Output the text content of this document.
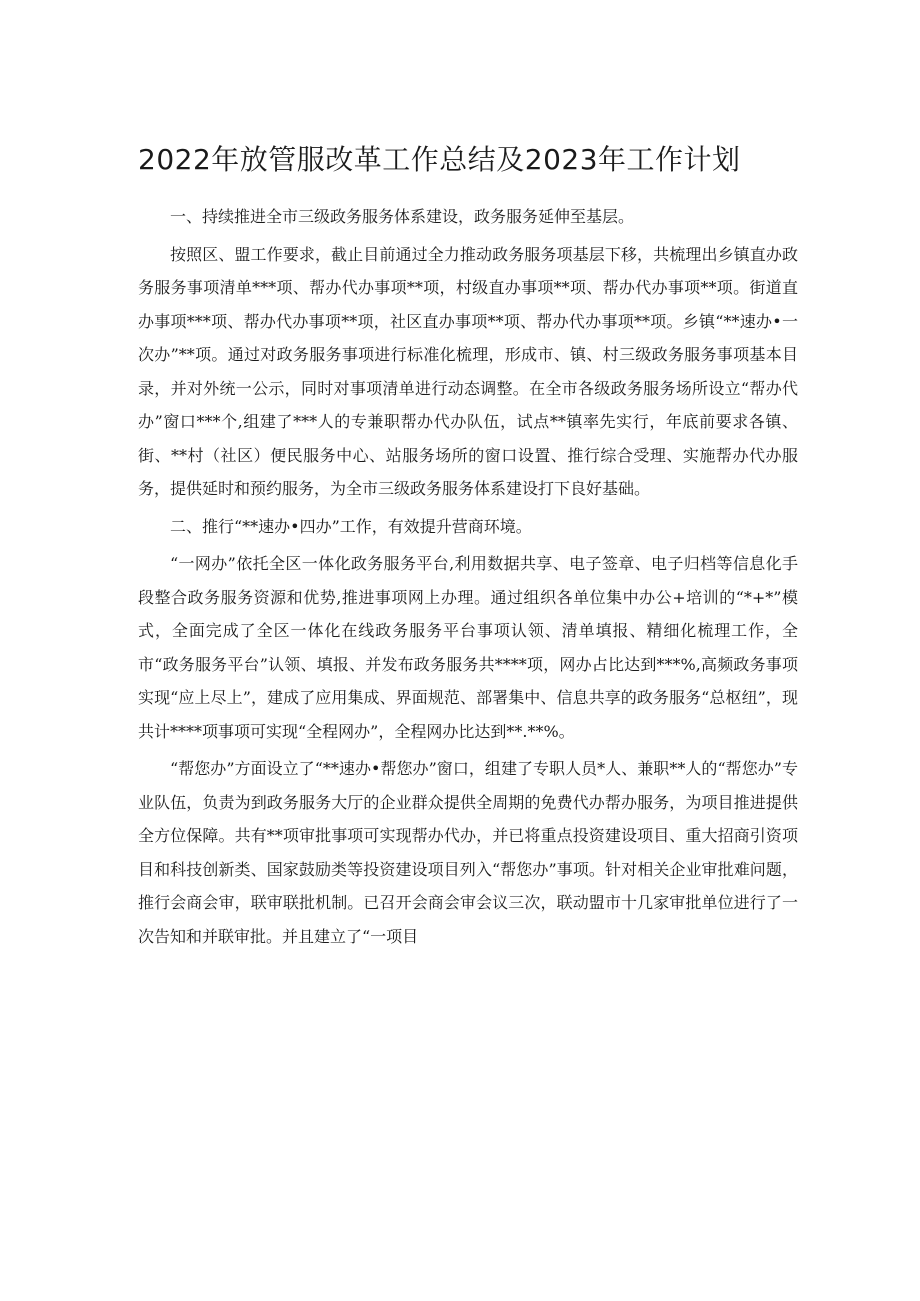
2022年放管服改革工作总结及2023年工作计划

一、持续推进全市三级政务服务体系建设，政务服务延伸至基层。

按照区、盟工作要求，截止目前通过全力推动政务服务项基层下移，共梳理出乡镇直办政务服务事项清单***项、帮办代办事项**项，村级直办事项**项、帮办代办事项**项。街道直办事项***项、帮办代办事项**项，社区直办事项**项、帮办代办事项**项。乡镇“**速办•一次办”**项。通过对政务服务事项进行标准化梳理，形成市、镇、村三级政务服务事项基本目录，并对外统一公示，同时对事项清单进行动态调整。在全市各级政务服务场所设立“帮办代办”窗口***个,组建了***人的专兼职帮办代办队伍，试点**镇率先实行，年底前要求各镇、街、**村（社区）便民服务中心、站服务场所的窗口设置、推行综合受理、实施帮办代办服务，提供延时和预约服务，为全市三级政务服务体系建设打下良好基础。

二、推行“**速办•四办”工作，有效提升营商环境。

“一网办”依托全区一体化政务服务平台,利用数据共享、电子签章、电子归档等信息化手段整合政务服务资源和优势,推进事项网上办理。通过组织各单位集中办公+培训的“*+*”模式，全面完成了全区一体化在线政务服务平台事项认领、清单填报、精细化梳理工作，全市“政务服务平台”认领、填报、并发布政务服务共****项，网办占比达到***%,高频政务事项实现“应上尽上”，建成了应用集成、界面规范、部署集中、信息共享的政务服务“总枢纽”，现共计****项事项可实现“全程网办”，全程网办比达到**.**%。

“帮您办”方面设立了“**速办•帮您办”窗口，组建了专职人员*人、兼职**人的“帮您办”专业队伍，负责为到政务服务大厅的企业群众提供全周期的免费代办帮办服务，为项目推进提供全方位保障。共有**项审批事项可实现帮办代办，并已将重点投资建设项目、重大招商引资项目和科技创新类、国家鼓励类等投资建设项目列入“帮您办”事项。针对相关企业审批难问题，推行会商会审，联审联批机制。已召开会商会审会议三次，联动盟市十几家审批单位进行了一次告知和并联审批。并且建立了“一项目
